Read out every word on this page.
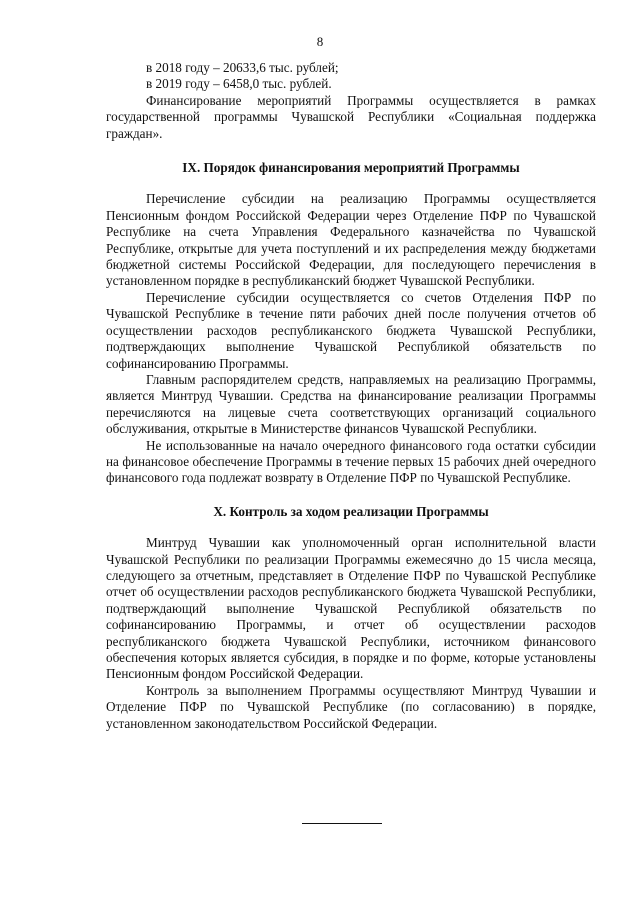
8

в 2018 году – 20633,6 тыс. рублей;

в 2019 году – 6458,0 тыс. рублей.

Финансирование мероприятий Программы осуществляется в рамках государственной программы Чувашской Республики «Социальная поддержка граждан».

IX. Порядок финансирования мероприятий Программы

Перечисление субсидии на реализацию Программы осуществляется Пенсионным фондом Российской Федерации через Отделение ПФР по Чувашской Республике на счета Управления Федерального казначейства по Чувашской Республике, открытые для учета поступлений и их распределения между бюджетами бюджетной системы Российской Федерации, для последующего перечисления в установленном порядке в республиканский бюджет Чувашской Республики.

Перечисление субсидии осуществляется со счетов Отделения ПФР по Чувашской Республике в течение пяти рабочих дней после получения отчетов об осуществлении расходов республиканского бюджета Чувашской Республики, подтверждающих выполнение Чувашской Республикой обязательств по софинансированию Программы.

Главным распорядителем средств, направляемых на реализацию Программы, является Минтруд Чувашии. Средства на финансирование реализации Программы перечисляются на лицевые счета соответствующих организаций социального обслуживания, открытые в Министерстве финансов Чувашской Республики.

Не использованные на начало очередного финансового года остатки субсидии на финансовое обеспечение Программы в течение первых 15 рабочих дней очередного финансового года подлежат возврату в Отделение ПФР по Чувашской Республике.

X. Контроль за ходом реализации Программы

Минтруд Чувашии как уполномоченный орган исполнительной власти Чувашской Республики по реализации Программы ежемесячно до 15 числа месяца, следующего за отчетным, представляет в Отделение ПФР по Чувашской Республике отчет об осуществлении расходов республиканского бюджета Чувашской Республики, подтверждающий выполнение Чувашской Республикой обязательств по софинансированию Программы, и отчет об осуществлении расходов республиканского бюджета Чувашской Республики, источником финансового обеспечения которых является субсидия, в порядке и по форме, которые установлены Пенсионным фондом Российской Федерации.

Контроль за выполнением Программы осуществляют Минтруд Чувашии и Отделение ПФР по Чувашской Республике (по согласованию) в порядке, установленном законодательством Российской Федерации.
